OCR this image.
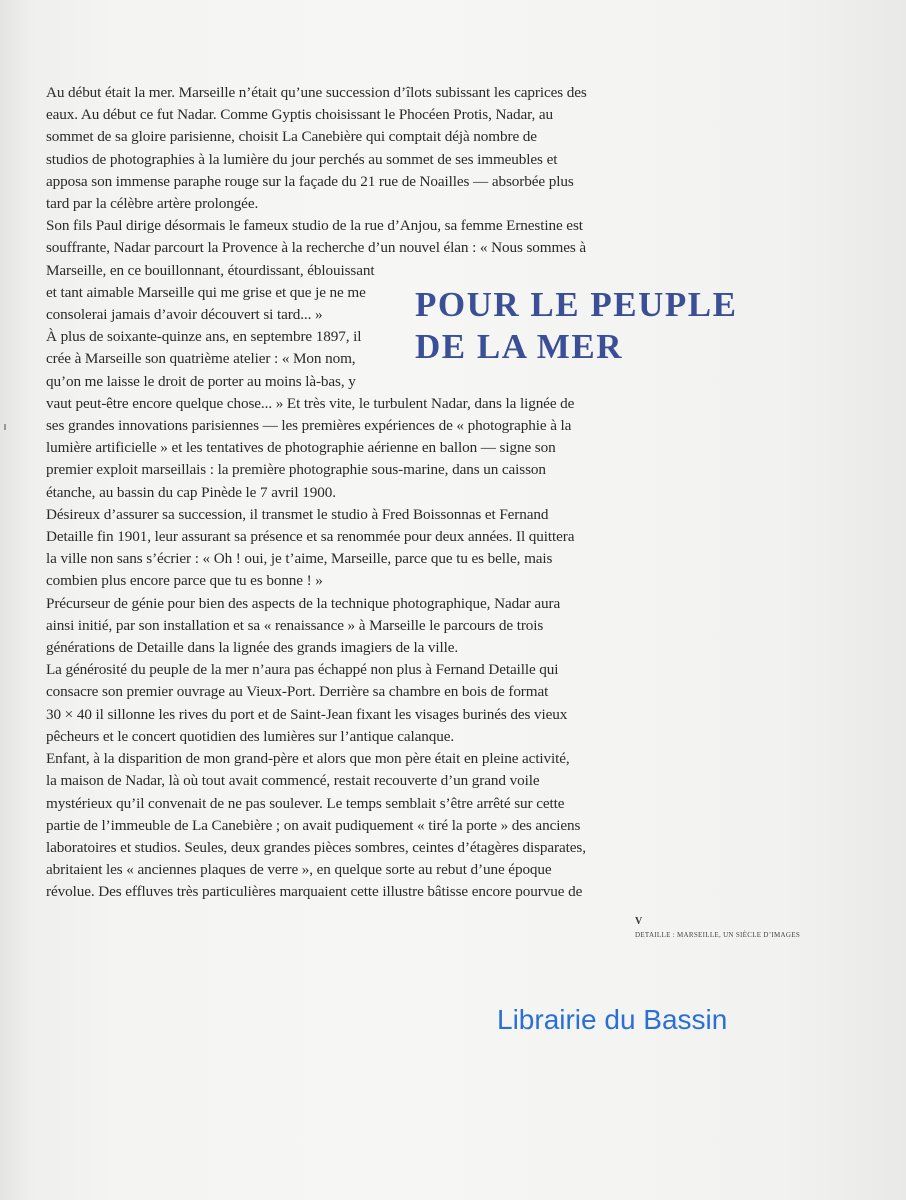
Au début était la mer. Marseille n’était qu’une succession d’îlots subissant les caprices des
eaux. Au début ce fut Nadar. Comme Gyptis choisissant le Phocéen Protis, Nadar, au
sommet de sa gloire parisienne, choisit La Canebière qui comptait déjà nombre de
studios de photographies à la lumière du jour perchés au sommet de ses immeubles et
apposa son immense paraphe rouge sur la façade du 21 rue de Noailles — absorbée plus
tard par la célèbre artère prolongée.

Son fils Paul dirige désormais le fameux studio de la rue d’Anjou, sa femme Ernestine est
souffrante, Nadar parcourt la Provence à la recherche d’un nouvel élan : « Nous sommes à
Marseille, en ce bouillonnant, étourdissant, éblouissant
et tant aimable Marseille qui me grise et que je ne me
consolerai jamais d’avoir découvert si tard... »

À plus de soixante-quinze ans, en septembre 1897, il
crée à Marseille son quatrième atelier : « Mon nom,
qu’on me laisse le droit de porter au moins là-bas, y
vaut peut-être encore quelque chose... » Et très vite, le turbulent Nadar, dans la lignée de
ses grandes innovations parisiennes — les premières expériences de « photographie à la
lumière artificielle » et les tentatives de photographie aérienne en ballon — signe son
premier exploit marseillais : la première photographie sous-marine, dans un caisson
étanche, au bassin du cap Pinède le 7 avril 1900.

Désireux d’assurer sa succession, il transmet le studio à Fred Boissonnas et Fernand
Detaille fin 1901, leur assurant sa présence et sa renommée pour deux années. Il quittera
la ville non sans s’écrier : « Oh ! oui, je t’aime, Marseille, parce que tu es belle, mais
combien plus encore parce que tu es bonne ! »

Précurseur de génie pour bien des aspects de la technique photographique, Nadar aura
ainsi initié, par son installation et sa « renaissance » à Marseille le parcours de trois
générations de Detaille dans la lignée des grands imagiers de la ville.

La générosité du peuple de la mer n’aura pas échappé non plus à Fernand Detaille qui
consacre son premier ouvrage au Vieux-Port. Derrière sa chambre en bois de format
30 × 40 il sillonne les rives du port et de Saint-Jean fixant les visages burinés des vieux
pêcheurs et le concert quotidien des lumières sur l’antique calanque.

Enfant, à la disparition de mon grand-père et alors que mon père était en pleine activité,
la maison de Nadar, là où tout avait commencé, restait recouverte d’un grand voile
mystérieux qu’il convenait de ne pas soulever. Le temps semblait s’être arrêté sur cette
partie de l’immeuble de La Canebière ; on avait pudiquement « tiré la porte » des anciens
laboratoires et studios. Seules, deux grandes pièces sombres, ceintes d’étagères disparates,
abritaient les « anciennes plaques de verre », en quelque sorte au rebut d’une époque
révolue. Des effluves très particulières marquaient cette illustre bâtisse encore pourvue de

POUR LE PEUPLE
DE LA MER
V
DETAILLE : MARSEILLE, UN SIÈCLE D’IMAGES
Librairie du Bassin
